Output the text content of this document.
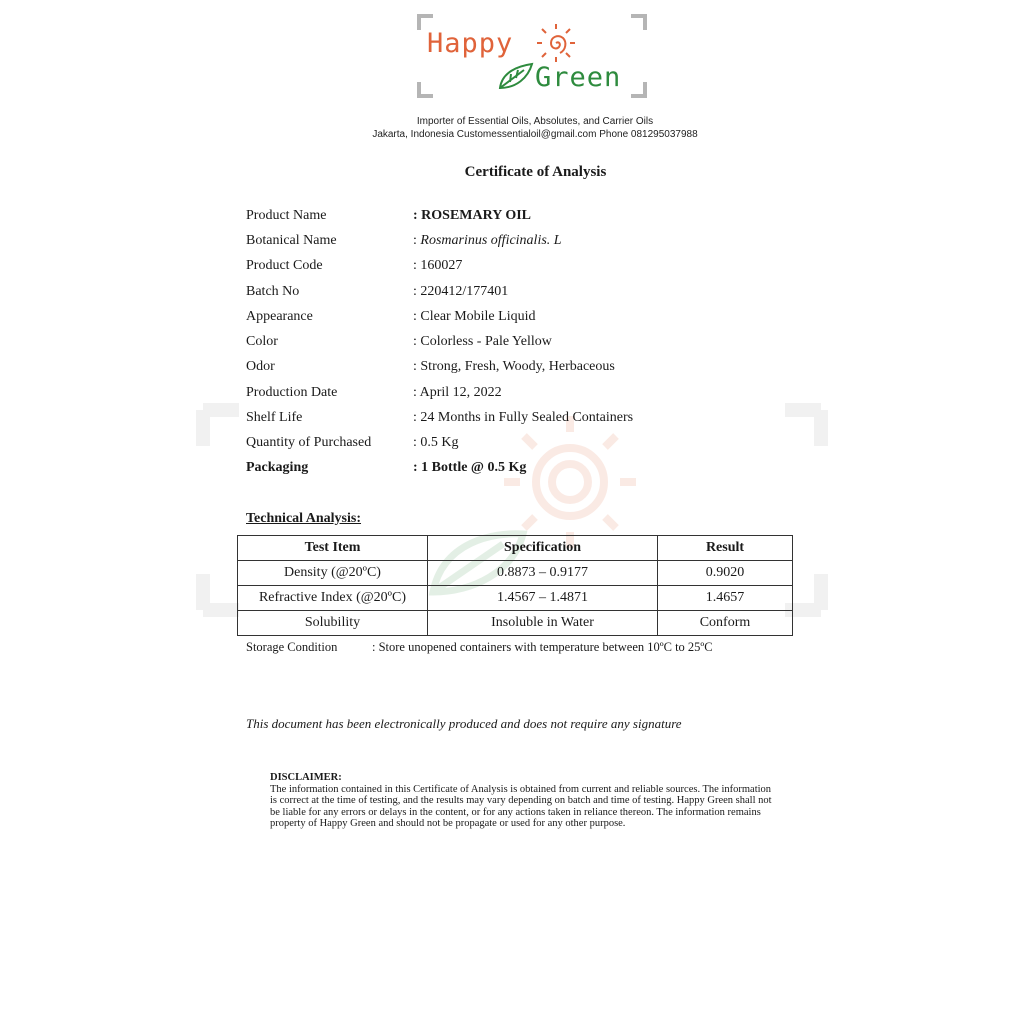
Happy
Green
Importer of Essential Oils, Absolutes, and Carrier Oils
Jakarta, Indonesia Customessentialoil@gmail.com Phone 081295037988
Certificate of Analysis
Product Name	: ROSEMARY OIL
Botanical Name	: Rosmarinus officinalis. L
Product Code	: 160027
Batch No	: 220412/177401
Appearance	: Clear Mobile Liquid
Color	: Colorless - Pale Yellow
Odor	: Strong, Fresh, Woody, Herbaceous
Production Date	: April 12, 2022
Shelf Life	: 24 Months in Fully Sealed Containers
Quantity of Purchased	: 0.5 Kg
Packaging	: 1 Bottle @ 0.5 Kg
Technical Analysis:
Test Item	Specification	Result
Density (@20ºC)	0.8873 – 0.9177	0.9020
Refractive Index (@20ºC)	1.4567 – 1.4871	1.4657
Solubility	Insoluble in Water	Conform
Storage Condition	: Store unopened containers with temperature between 10ºC to 25ºC
This document has been electronically produced and does not require any signature
DISCLAIMER:
The information contained in this Certificate of Analysis is obtained from current and reliable sources. The information is correct at the time of testing, and the results may vary depending on batch and time of testing. Happy Green shall not be liable for any errors or delays in the content, or for any actions taken in reliance thereon. The information remains property of Happy Green and should not be propagate or used for any other purpose.
